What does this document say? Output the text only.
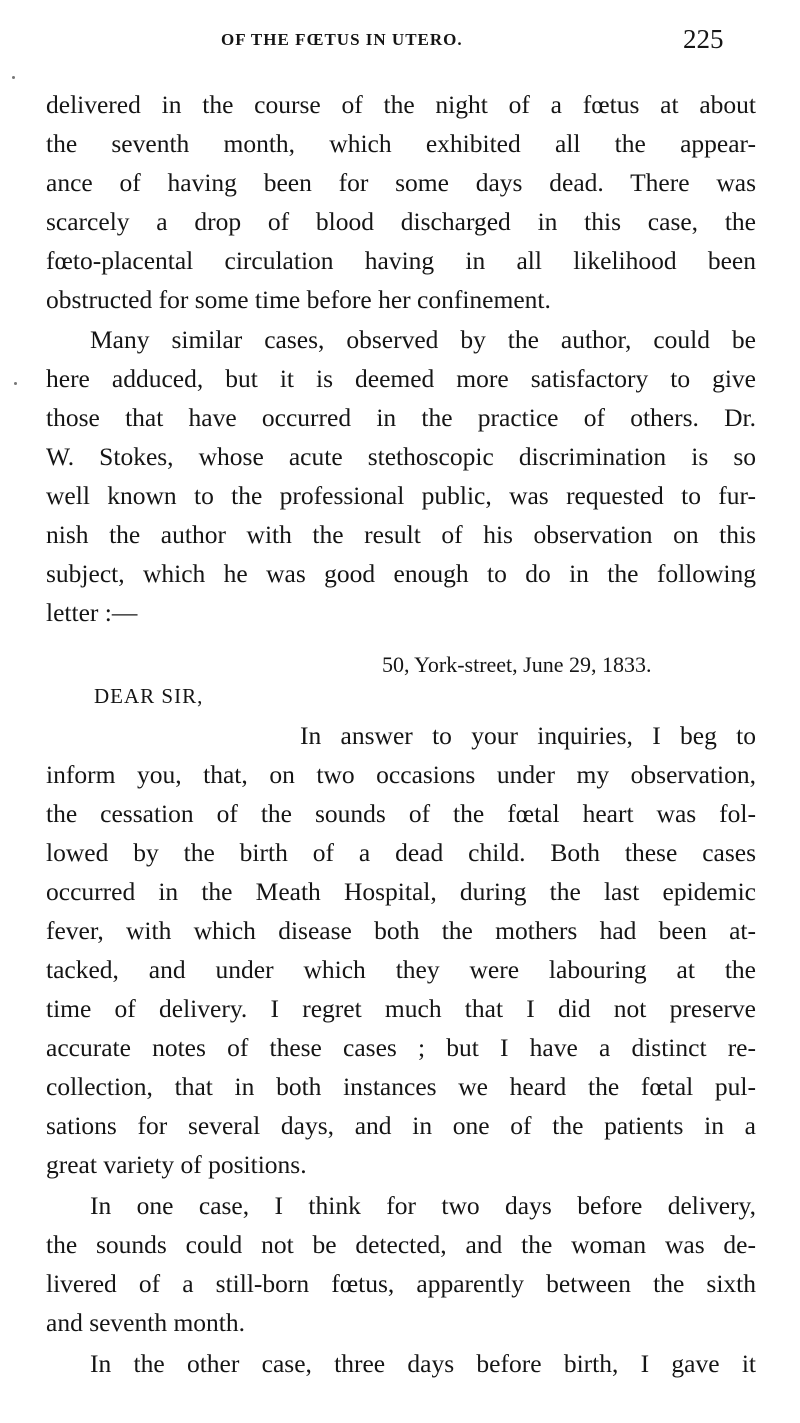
OF THE FŒTUS IN UTERO.	225
delivered in the course of the night of a fœtus at about
the seventh month, which exhibited all the appear-
ance of having been for some days dead. There was
scarcely a drop of blood discharged in this case, the
fœto-placental circulation having in all likelihood been
obstructed for some time before her confinement.
Many similar cases, observed by the author, could be
here adduced, but it is deemed more satisfactory to give
those that have occurred in the practice of others. Dr.
W. Stokes, whose acute stethoscopic discrimination is so
well known to the professional public, was requested to fur-
nish the author with the result of his observation on this
subject, which he was good enough to do in the following
letter :—
50, York-street, June 29, 1833.
DEAR SIR,
In answer to your inquiries, I beg to
inform you, that, on two occasions under my observation,
the cessation of the sounds of the fœtal heart was fol-
lowed by the birth of a dead child. Both these cases
occurred in the Meath Hospital, during the last epidemic
fever, with which disease both the mothers had been at-
tacked, and under which they were labouring at the
time of delivery. I regret much that I did not preserve
accurate notes of these cases ; but I have a distinct re-
collection, that in both instances we heard the fœtal pul-
sations for several days, and in one of the patients in a
great variety of positions.
In one case, I think for two days before delivery,
the sounds could not be detected, and the woman was de-
livered of a still-born fœtus, apparently between the sixth
and seventh month.
In the other case, three days before birth, I gave it
